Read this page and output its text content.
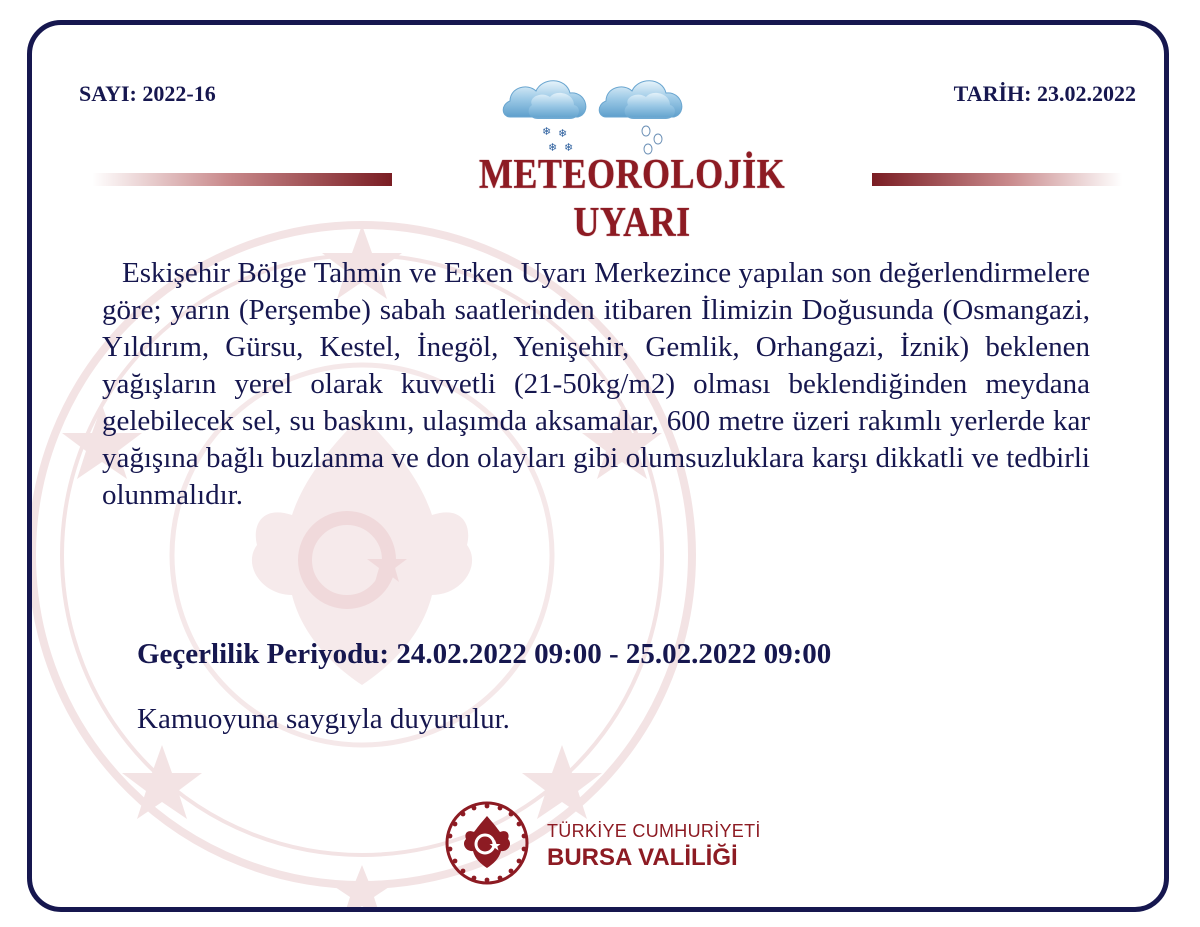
SAYI: 2022-16	TARİH: 23.02.2022
❄ ❄
❄ ❄
METEOROLOJİK UYARI
Eskişehir Bölge Tahmin ve Erken Uyarı Merkezince yapılan son değerlendirmelere göre; yarın (Perşembe) sabah saatlerinden itibaren İlimizin Doğusunda (Osmangazi, Yıldırım, Gürsu, Kestel, İnegöl, Yenişehir, Gemlik, Orhangazi, İznik) beklenen yağışların yerel olarak kuvvetli (21-50kg/m2) olması beklendiğinden meydana gelebilecek sel, su baskını, ulaşımda aksamalar, 600 metre üzeri rakımlı yerlerde kar yağışına bağlı buzlanma ve don olayları gibi olumsuzluklara karşı dikkatli ve tedbirli olunmalıdır.
Geçerlilik Periyodu: 24.02.2022 09:00 - 25.02.2022 09:00
Kamuoyuna saygıyla duyurulur.
TÜRKİYE CUMHURİYETİ
BURSA VALİLİĞİ
